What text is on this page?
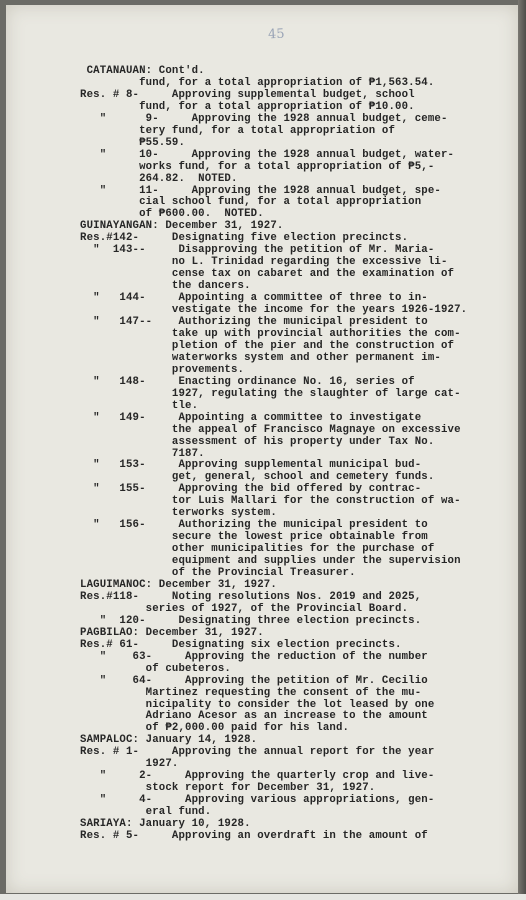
45
CATANAUAN: Cont'd.
fund, for a total appropriation of ₱1,563.54.
Res. # 8-     Approving supplemental budget, school
fund, for a total appropriation of ₱10.00.
"      9-     Approving the 1928 annual budget, ceme-
tery fund, for a total appropriation of
₱55.59.
"     10-     Approving the 1928 annual budget, water-
works fund, for a total appropriation of ₱5,-
264.82.  NOTED.
"     11-     Approving the 1928 annual budget, spe-
cial school fund, for a total appropriation
of ₱600.00.  NOTED.
GUINAYANGAN: December 31, 1927.
Res.#142-     Designating five election precincts.
"  143--     Disapproving the petition of Mr. Maria-
no L. Trinidad regarding the excessive li-
cense tax on cabaret and the examination of
the dancers.
"   144-     Appointing a committee of three to in-
vestigate the income for the years 1926-1927.
"   147--    Authorizing the municipal president to
take up with provincial authorities the com-
pletion of the pier and the construction of
waterworks system and other permanent im-
provements.
"   148-     Enacting ordinance No. 16, series of
1927, regulating the slaughter of large cat-
tle.
"   149-     Appointing a committee to investigate
the appeal of Francisco Magnaye on excessive
assessment of his property under Tax No.
7187.
"   153-     Approving supplemental municipal bud-
get, general, school and cemetery funds.
"   155-     Approving the bid offered by contrac-
tor Luis Mallari for the construction of wa-
terworks system.
"   156-     Authorizing the municipal president to
secure the lowest price obtainable from
other municipalities for the purchase of
equipment and supplies under the supervision
of the Provincial Treasurer.
LAGUIMANOC: December 31, 1927.
Res.#118-     Noting resolutions Nos. 2019 and 2025,
series of 1927, of the Provincial Board.
"  120-     Designating three election precincts.
PAGBILAO: December 31, 1927.
Res.# 61-     Designating six election precincts.
"    63-     Approving the reduction of the number
of cubeteros.
"    64-     Approving the petition of Mr. Cecilio
Martinez requesting the consent of the mu-
nicipality to consider the lot leased by one
Adriano Acesor as an increase to the amount
of ₱2,000.00 paid for his land.
SAMPALOC: January 14, 1928.
Res. # 1-     Approving the annual report for the year
1927.
"     2-     Approving the quarterly crop and live-
stock report for December 31, 1927.
"     4-     Approving various appropriations, gen-
eral fund.
SARIAYA: January 10, 1928.
Res. # 5-     Approving an overdraft in the amount of
